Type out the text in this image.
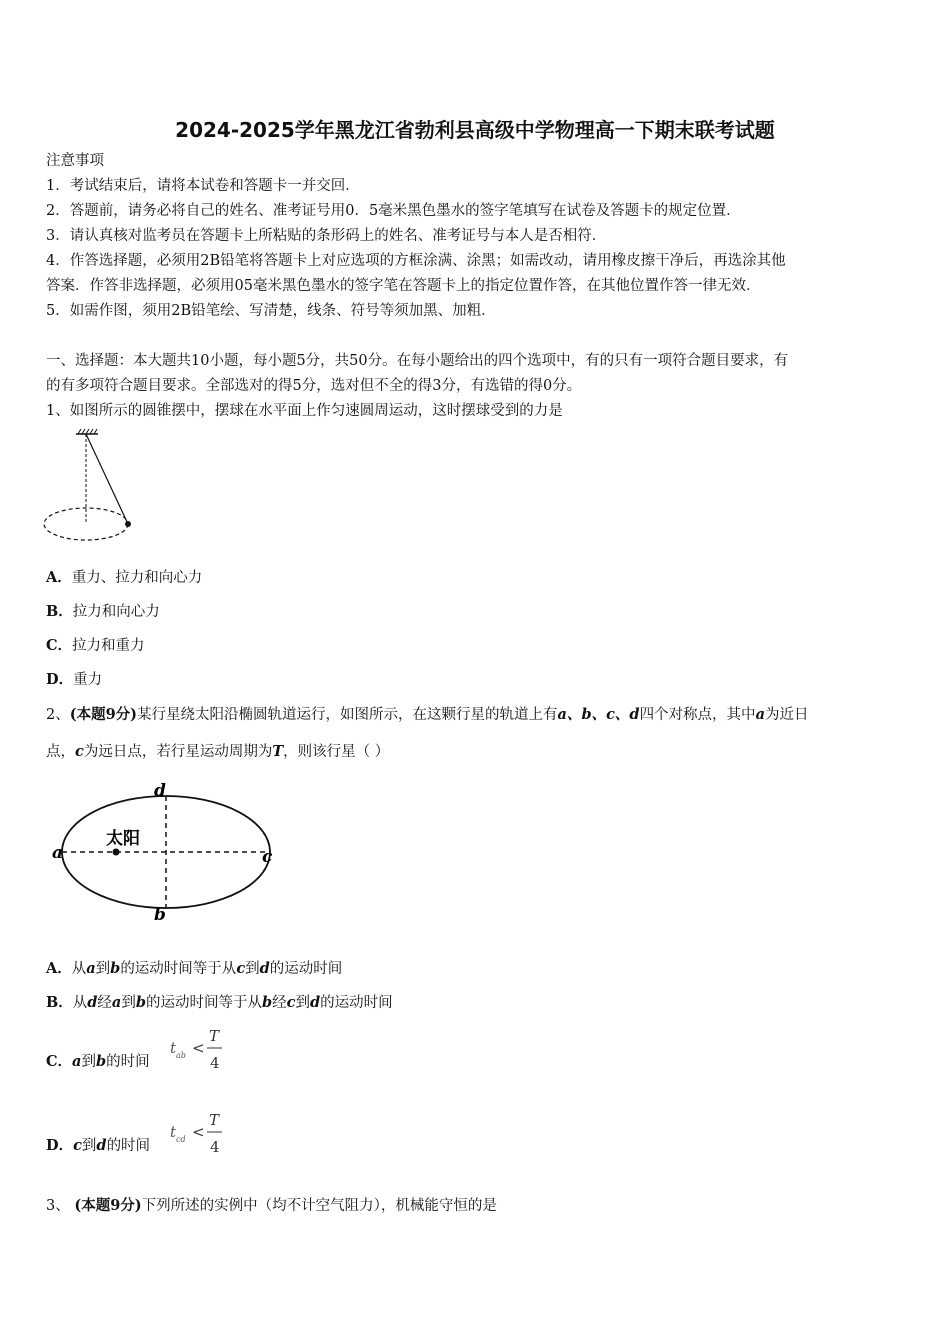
2024-2025学年黑龙江省勃利县高级中学物理高一下期末联考试题
注意事项
1．考试结束后，请将本试卷和答题卡一并交回．
2．答题前，请务必将自己的姓名、准考证号用0．5毫米黑色墨水的签字笔填写在试卷及答题卡的规定位置．
3．请认真核对监考员在答题卡上所粘贴的条形码上的姓名、准考证号与本人是否相符．
4．作答选择题，必须用2B铅笔将答题卡上对应选项的方框涂满、涂黑；如需改动，请用橡皮擦干净后，再选涂其他
答案．作答非选择题，必须用05毫米黑色墨水的签字笔在答题卡上的指定位置作答，在其他位置作答一律无效．
5．如需作图，须用2B铅笔绘、写清楚，线条、符号等须加黑、加粗．
一、选择题：本大题共10小题，每小题5分，共50分。在每小题给出的四个选项中，有的只有一项符合题目要求，有
的有多项符合题目要求。全部选对的得5分，选对但不全的得3分，有选错的得0分。
1、如图所示的圆锥摆中，摆球在水平面上作匀速圆周运动，这时摆球受到的力是
A．重力、拉力和向心力
B．拉力和向心力
C．拉力和重力
D．重力
2、(本题9分)某行星绕太阳沿椭圆轨道运行，如图所示，在这颗行星的轨道上有a、b、c、d四个对称点，其中a为近日
点，c为远日点，若行星运动周期为T，则该行星（ ）
太阳
a	c
d
b
A．从a到b的运动时间等于从c到d的运动时间
B．从d经a到b的运动时间等于从b经c到d的运动时间
C．a到b的时间
t ab <
T
4
D．c到d的时间
t cd <
T
4
3、 (本题9分)下列所述的实例中（均不计空气阻力），机械能守恒的是
